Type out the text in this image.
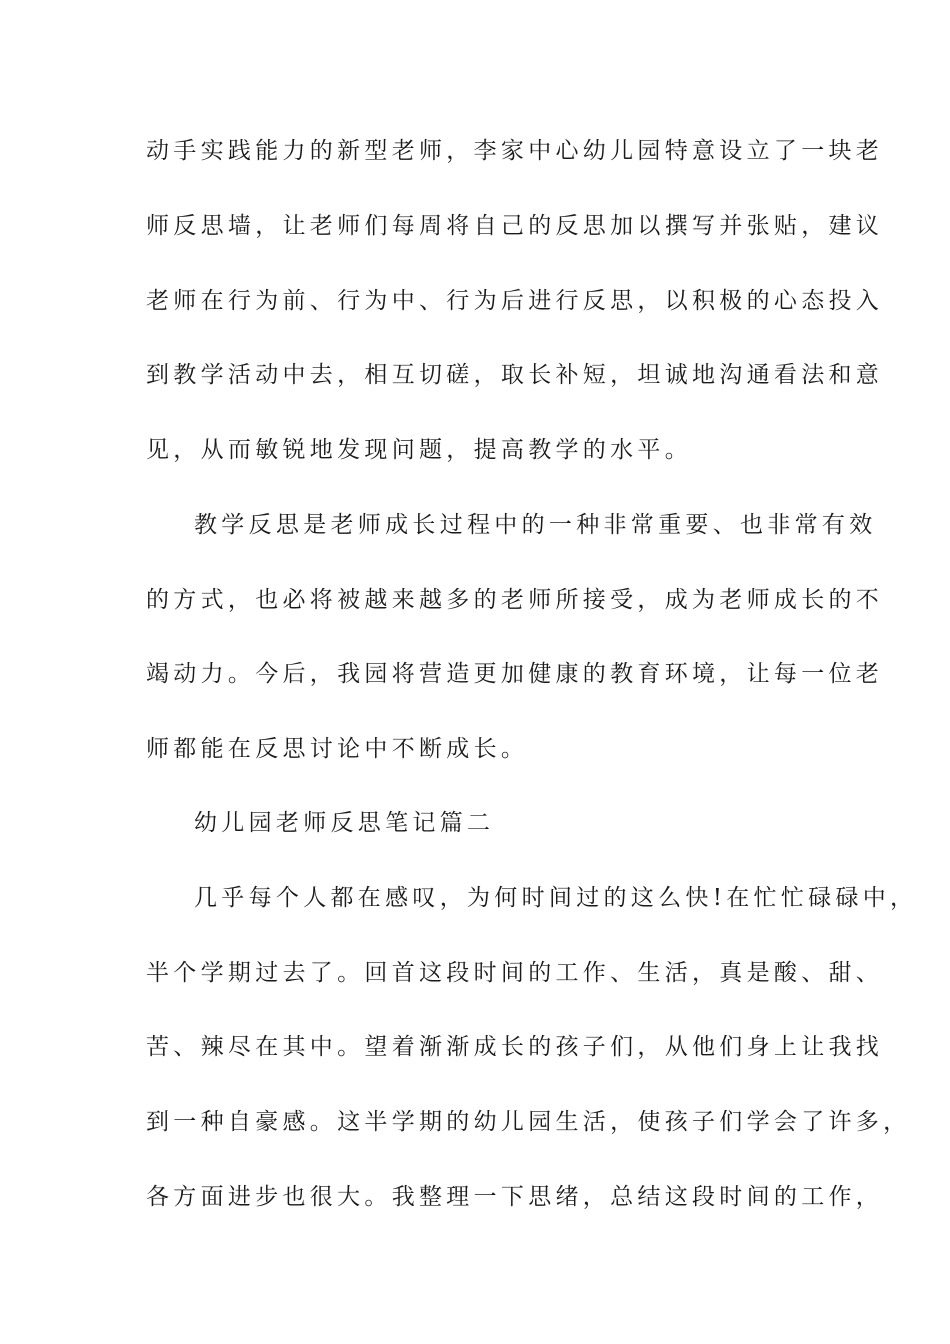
动手实践能力的新型老师，李家中心幼儿园特意设立了一块老
师反思墙，让老师们每周将自己的反思加以撰写并张贴，建议
老师在行为前、行为中、行为后进行反思，以积极的心态投入
到教学活动中去，相互切磋，取长补短，坦诚地沟通看法和意
见，从而敏锐地发现问题，提高教学的水平。
教学反思是老师成长过程中的一种非常重要、也非常有效
的方式，也必将被越来越多的老师所接受，成为老师成长的不
竭动力。今后，我园将营造更加健康的教育环境，让每一位老
师都能在反思讨论中不断成长。
幼儿园老师反思笔记篇二
几乎每个人都在感叹，为何时间过的这么快!在忙忙碌碌中，
半个学期过去了。回首这段时间的工作、生活，真是酸、甜、
苦、辣尽在其中。望着渐渐成长的孩子们，从他们身上让我找
到一种自豪感。这半学期的幼儿园生活，使孩子们学会了许多，
各方面进步也很大。我整理一下思绪，总结这段时间的工作，
